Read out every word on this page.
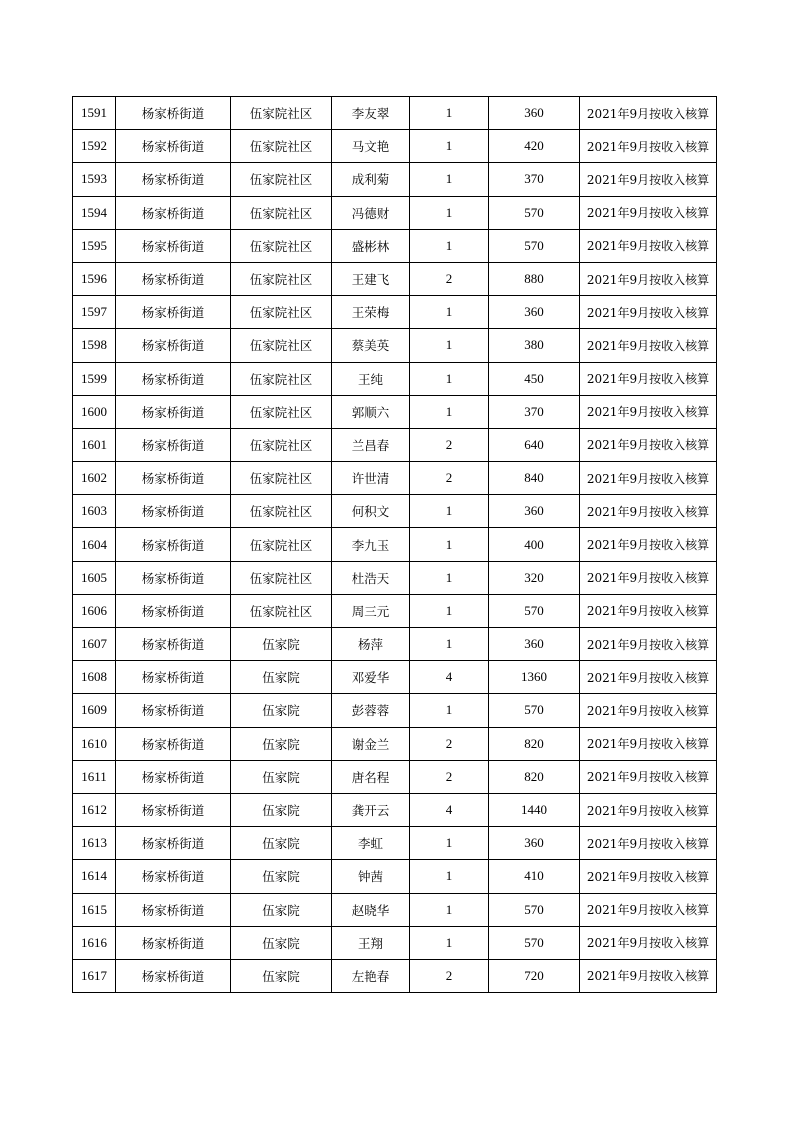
1591	杨家桥街道	伍家院社区	李友翠	1	360	2021年9月按收入核算
1592	杨家桥街道	伍家院社区	马文艳	1	420	2021年9月按收入核算
1593	杨家桥街道	伍家院社区	成利菊	1	370	2021年9月按收入核算
1594	杨家桥街道	伍家院社区	冯德财	1	570	2021年9月按收入核算
1595	杨家桥街道	伍家院社区	盛彬林	1	570	2021年9月按收入核算
1596	杨家桥街道	伍家院社区	王建飞	2	880	2021年9月按收入核算
1597	杨家桥街道	伍家院社区	王荣梅	1	360	2021年9月按收入核算
1598	杨家桥街道	伍家院社区	蔡美英	1	380	2021年9月按收入核算
1599	杨家桥街道	伍家院社区	王纯	1	450	2021年9月按收入核算
1600	杨家桥街道	伍家院社区	郭顺六	1	370	2021年9月按收入核算
1601	杨家桥街道	伍家院社区	兰昌春	2	640	2021年9月按收入核算
1602	杨家桥街道	伍家院社区	许世清	2	840	2021年9月按收入核算
1603	杨家桥街道	伍家院社区	何积文	1	360	2021年9月按收入核算
1604	杨家桥街道	伍家院社区	李九玉	1	400	2021年9月按收入核算
1605	杨家桥街道	伍家院社区	杜浩天	1	320	2021年9月按收入核算
1606	杨家桥街道	伍家院社区	周三元	1	570	2021年9月按收入核算
1607	杨家桥街道	伍家院	杨萍	1	360	2021年9月按收入核算
1608	杨家桥街道	伍家院	邓爱华	4	1360	2021年9月按收入核算
1609	杨家桥街道	伍家院	彭蓉蓉	1	570	2021年9月按收入核算
1610	杨家桥街道	伍家院	谢金兰	2	820	2021年9月按收入核算
1611	杨家桥街道	伍家院	唐名程	2	820	2021年9月按收入核算
1612	杨家桥街道	伍家院	龚开云	4	1440	2021年9月按收入核算
1613	杨家桥街道	伍家院	李虹	1	360	2021年9月按收入核算
1614	杨家桥街道	伍家院	钟茜	1	410	2021年9月按收入核算
1615	杨家桥街道	伍家院	赵晓华	1	570	2021年9月按收入核算
1616	杨家桥街道	伍家院	王翔	1	570	2021年9月按收入核算
1617	杨家桥街道	伍家院	左艳春	2	720	2021年9月按收入核算
